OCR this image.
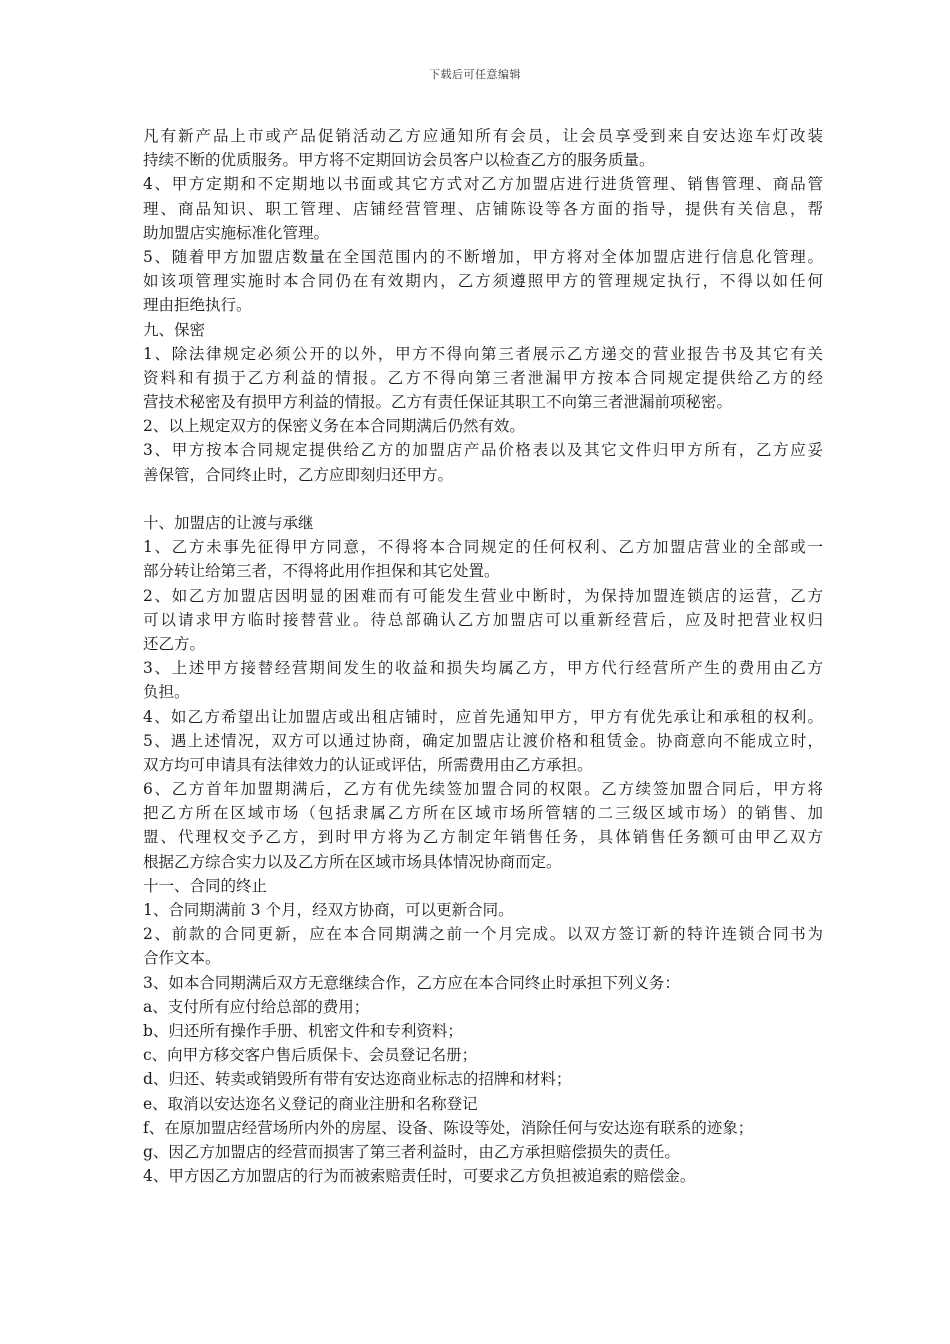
下载后可任意编辑
凡有新产品上市或产品促销活动乙方应通知所有会员，让会员享受到来自安达迩车灯改装
持续不断的优质服务。甲方将不定期回访会员客户以检查乙方的服务质量。
4、甲方定期和不定期地以书面或其它方式对乙方加盟店进行进货管理、销售管理、商品管
理、商品知识、职工管理、店铺经营管理、店铺陈设等各方面的指导，提供有关信息，帮
助加盟店实施标准化管理。
5、随着甲方加盟店数量在全国范围内的不断增加，甲方将对全体加盟店进行信息化管理。
如该项管理实施时本合同仍在有效期内，乙方须遵照甲方的管理规定执行，不得以如任何
理由拒绝执行。
九、保密
1、除法律规定必须公开的以外，甲方不得向第三者展示乙方递交的营业报告书及其它有关
资料和有损于乙方利益的情报。乙方不得向第三者泄漏甲方按本合同规定提供给乙方的经
营技术秘密及有损甲方利益的情报。乙方有责任保证其职工不向第三者泄漏前项秘密。
2、以上规定双方的保密义务在本合同期满后仍然有效。
3、甲方按本合同规定提供给乙方的加盟店产品价格表以及其它文件归甲方所有，乙方应妥
善保管，合同终止时，乙方应即刻归还甲方。
十、加盟店的让渡与承继
1、乙方未事先征得甲方同意，不得将本合同规定的任何权利、乙方加盟店营业的全部或一
部分转让给第三者，不得将此用作担保和其它处置。
2、如乙方加盟店因明显的困难而有可能发生营业中断时，为保持加盟连锁店的运营，乙方
可以请求甲方临时接替营业。待总部确认乙方加盟店可以重新经营后，应及时把营业权归
还乙方。
3、上述甲方接替经营期间发生的收益和损失均属乙方，甲方代行经营所产生的费用由乙方
负担。
4、如乙方希望出让加盟店或出租店铺时，应首先通知甲方，甲方有优先承让和承租的权利。
5、遇上述情况，双方可以通过协商，确定加盟店让渡价格和租赁金。协商意向不能成立时，
双方均可申请具有法律效力的认证或评估，所需费用由乙方承担。
6、乙方首年加盟期满后，乙方有优先续签加盟合同的权限。乙方续签加盟合同后，甲方将
把乙方所在区域市场（包括隶属乙方所在区域市场所管辖的二三级区域市场）的销售、加
盟、代理权交予乙方，到时甲方将为乙方制定年销售任务，具体销售任务额可由甲乙双方
根据乙方综合实力以及乙方所在区域市场具体情况协商而定。
十一、合同的终止
1、合同期满前 3 个月，经双方协商，可以更新合同。
2、前款的合同更新，应在本合同期满之前一个月完成。以双方签订新的特许连锁合同书为
合作文本。
3、如本合同期满后双方无意继续合作，乙方应在本合同终止时承担下列义务：
a、支付所有应付给总部的费用；
b、归还所有操作手册、机密文件和专利资料；
c、向甲方移交客户售后质保卡、会员登记名册；
d、归还、转卖或销毁所有带有安达迩商业标志的招牌和材料；
e、取消以安达迩名义登记的商业注册和名称登记
f、在原加盟店经营场所内外的房屋、设备、陈设等处，消除任何与安达迩有联系的迹象；
g、因乙方加盟店的经营而损害了第三者利益时，由乙方承担赔偿损失的责任。
4、甲方因乙方加盟店的行为而被索赔责任时，可要求乙方负担被追索的赔偿金。
